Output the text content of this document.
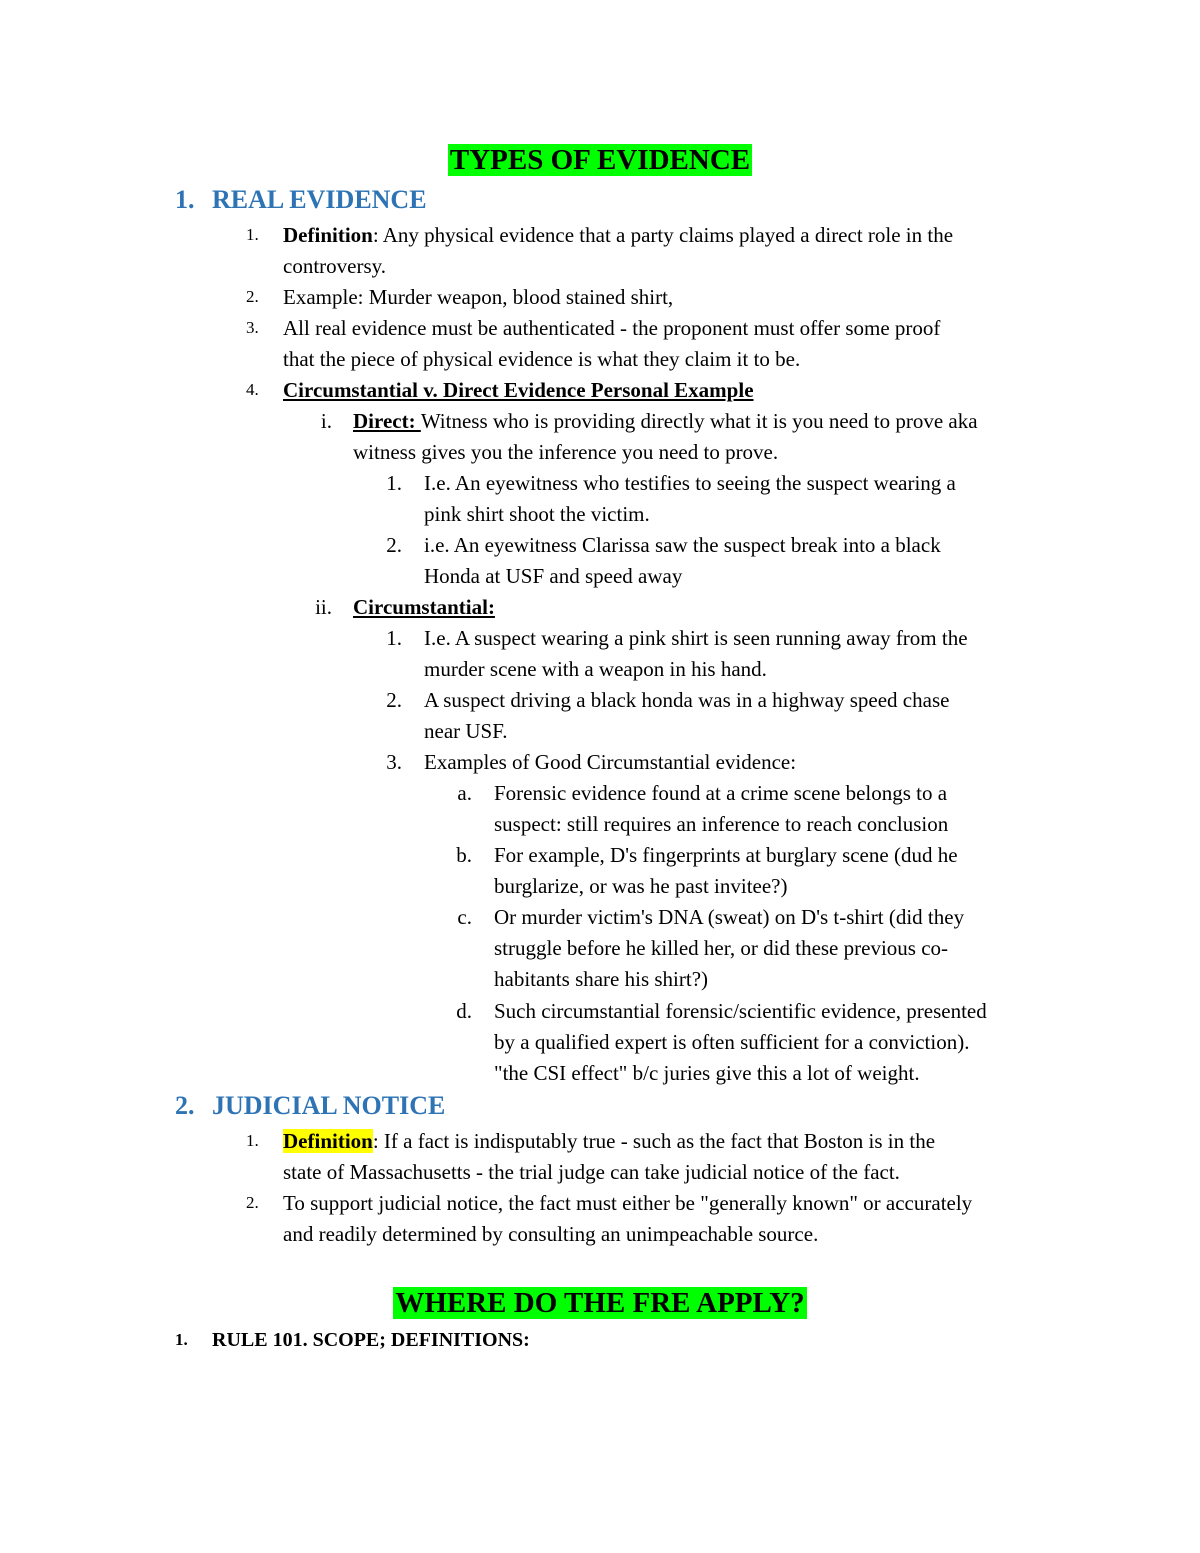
TYPES OF EVIDENCE
1. REAL EVIDENCE
1. Definition: Any physical evidence that a party claims played a direct role in the
controversy.
2. Example: Murder weapon, blood stained shirt,
3. All real evidence must be authenticated - the proponent must offer some proof
that the piece of physical evidence is what they claim it to be.
4. Circumstantial v. Direct Evidence Personal Example
i. Direct: Witness who is providing directly what it is you need to prove aka
witness gives you the inference you need to prove.
1. I.e. An eyewitness who testifies to seeing the suspect wearing a
pink shirt shoot the victim.
2. i.e. An eyewitness Clarissa saw the suspect break into a black
Honda at USF and speed away
ii. Circumstantial:
1. I.e. A suspect wearing a pink shirt is seen running away from the
murder scene with a weapon in his hand.
2. A suspect driving a black honda was in a highway speed chase
near USF.
3. Examples of Good Circumstantial evidence:
a. Forensic evidence found at a crime scene belongs to a
suspect: still requires an inference to reach conclusion
b. For example, D's fingerprints at burglary scene (dud he
burglarize, or was he past invitee?)
c. Or murder victim's DNA (sweat) on D's t-shirt (did they
struggle before he killed her, or did these previous co-
habitants share his shirt?)
d. Such circumstantial forensic/scientific evidence, presented
by a qualified expert is often sufficient for a conviction).
"the CSI effect" b/c juries give this a lot of weight.
2. JUDICIAL NOTICE
1. Definition: If a fact is indisputably true - such as the fact that Boston is in the
state of Massachusetts - the trial judge can take judicial notice of the fact.
2. To support judicial notice, the fact must either be "generally known" or accurately
and readily determined by consulting an unimpeachable source.
WHERE DO THE FRE APPLY?
1. RULE 101. SCOPE; DEFINITIONS:
